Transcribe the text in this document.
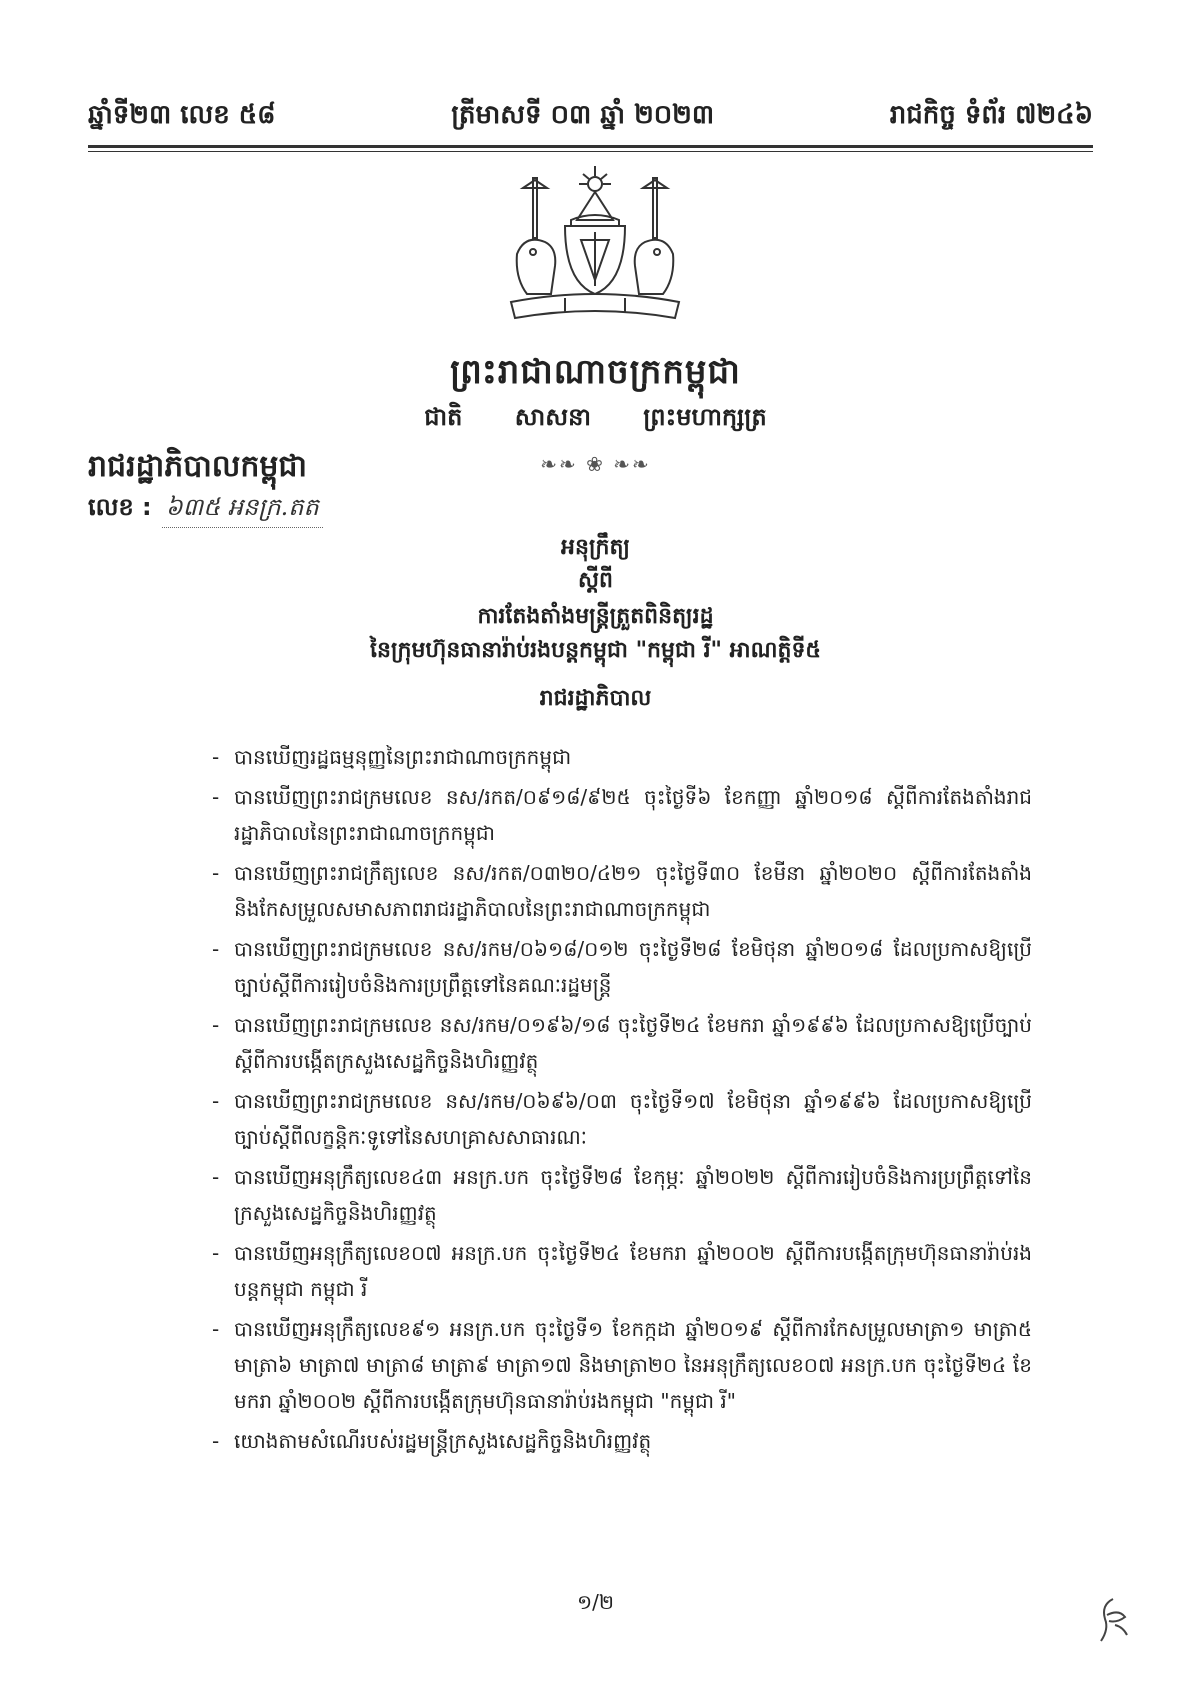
ឆ្នាំទី២៣ លេខ ៥៨	ត្រីមាសទី ០៣ ឆ្នាំ ២០២៣	រាជកិច្ច ទំព័រ ៧២៤៦
ព្រះរាជាណាចក្រកម្ពុជា
ជាតិ សាសនា ព្រះមហាក្សត្រ
❧❧ ❀ ❧❧
រាជរដ្ឋាភិបាលកម្ពុជា
លេខ : ៦៣៥ អនក្រ.តត
អនុក្រឹត្យ
ស្តីពី
ការតែងតាំងមន្ត្រីត្រួតពិនិត្យរដ្ឋ
នៃក្រុមហ៊ុនធានារ៉ាប់រងបន្តកម្ពុជា "កម្ពុជា រី" អាណត្តិទី៥
រាជរដ្ឋាភិបាល
- បានឃើញរដ្ឋធម្មនុញ្ញនៃព្រះរាជាណាចក្រកម្ពុជា
- បានឃើញព្រះរាជក្រមលេខ នស/រកត/០៩១៨/៩២៥ ចុះថ្ងៃទី៦ ខែកញ្ញា ឆ្នាំ២០១៨ ស្តីពីការតែងតាំងរាជរដ្ឋាភិបាលនៃព្រះរាជាណាចក្រកម្ពុជា
- បានឃើញព្រះរាជក្រឹត្យលេខ នស/រកត/០៣២០/៤២១ ចុះថ្ងៃទី៣០ ខែមីនា ឆ្នាំ២០២០ ស្តីពីការតែងតាំងនិងកែសម្រួលសមាសភាពរាជរដ្ឋាភិបាលនៃព្រះរាជាណាចក្រកម្ពុជា
- បានឃើញព្រះរាជក្រមលេខ នស/រកម/០៦១៨/០១២ ចុះថ្ងៃទី២៨ ខែមិថុនា ឆ្នាំ២០១៨ ដែលប្រកាសឱ្យប្រើច្បាប់ស្តីពីការរៀបចំនិងការប្រព្រឹត្តទៅនៃគណៈរដ្ឋមន្ត្រី
- បានឃើញព្រះរាជក្រមលេខ នស/រកម/០១៩៦/១៨ ចុះថ្ងៃទី២៤ ខែមករា ឆ្នាំ១៩៩៦ ដែលប្រកាសឱ្យប្រើច្បាប់ស្តីពីការបង្កើតក្រសួងសេដ្ឋកិច្ចនិងហិរញ្ញវត្ថុ
- បានឃើញព្រះរាជក្រមលេខ នស/រកម/០៦៩៦/០៣ ចុះថ្ងៃទី១៧ ខែមិថុនា ឆ្នាំ១៩៩៦ ដែលប្រកាសឱ្យប្រើច្បាប់ស្តីពីលក្ខន្តិកៈទូទៅនៃសហគ្រាសសាធារណៈ
- បានឃើញអនុក្រឹត្យលេខ៤៣ អនក្រ.បក ចុះថ្ងៃទី២៨ ខែកុម្ភៈ ឆ្នាំ២០២២ ស្តីពីការរៀបចំនិងការប្រព្រឹត្តទៅនៃក្រសួងសេដ្ឋកិច្ចនិងហិរញ្ញវត្ថុ
- បានឃើញអនុក្រឹត្យលេខ០៧ អនក្រ.បក ចុះថ្ងៃទី២៤ ខែមករា ឆ្នាំ២០០២ ស្តីពីការបង្កើតក្រុមហ៊ុនធានារ៉ាប់រងបន្តកម្ពុជា កម្ពុជា រី
- បានឃើញអនុក្រឹត្យលេខ៩១ អនក្រ.បក ចុះថ្ងៃទី១ ខែកក្កដា ឆ្នាំ២០១៩ ស្តីពីការកែសម្រួលមាត្រា១ មាត្រា៥ មាត្រា៦ មាត្រា៧ មាត្រា៨ មាត្រា៩ មាត្រា១៧ និងមាត្រា២០ នៃអនុក្រឹត្យលេខ០៧ អនក្រ.បក ចុះថ្ងៃទី២៤ ខែមករា ឆ្នាំ២០០២ ស្តីពីការបង្កើតក្រុមហ៊ុនធានារ៉ាប់រងកម្ពុជា "កម្ពុជា រី"
- យោងតាមសំណើរបស់រដ្ឋមន្ត្រីក្រសួងសេដ្ឋកិច្ចនិងហិរញ្ញវត្ថុ
១/២
